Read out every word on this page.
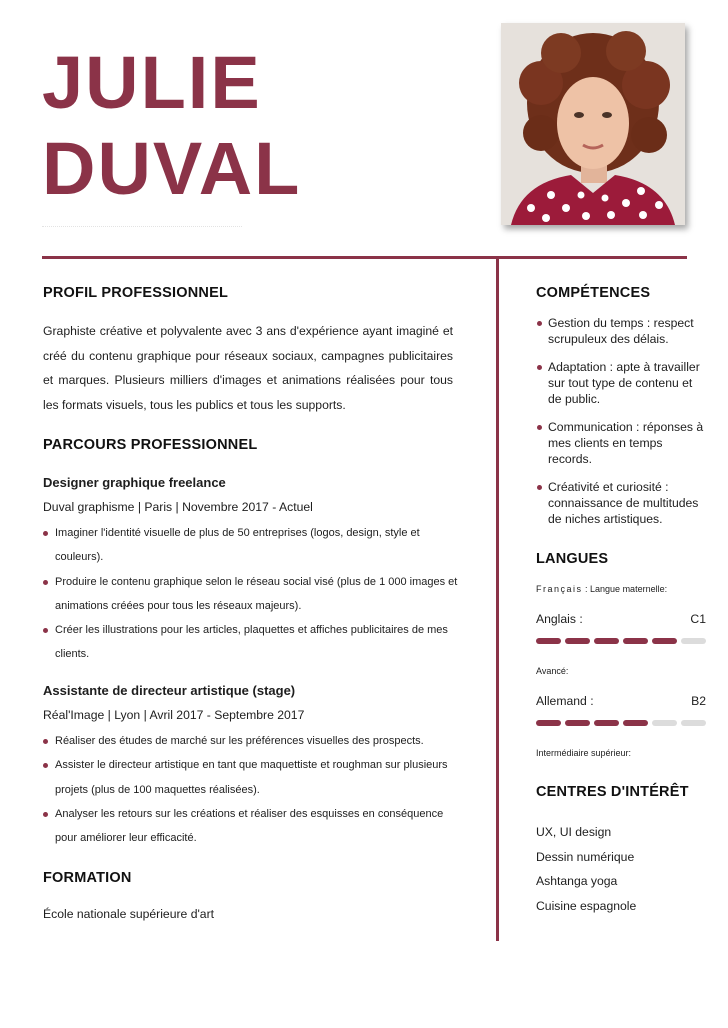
JULIE
DUVAL
PROFIL PROFESSIONNEL

Graphiste créative et polyvalente avec 3 ans d'expérience ayant imaginé et créé du contenu graphique pour réseaux sociaux, campagnes publicitaires et marques. Plusieurs milliers d'images et animations réalisées pour tous les formats visuels, tous les publics et tous les supports.

PARCOURS PROFESSIONNEL
Designer graphique freelance

Duval graphisme | Paris | Novembre 2017 - Actuel

Imaginer l'identité visuelle de plus de 50 entreprises (logos, design, style et couleurs).
Produire le contenu graphique selon le réseau social visé (plus de 1 000 images et animations créées pour tous les réseaux majeurs).
Créer les illustrations pour les articles, plaquettes et affiches publicitaires de mes clients.
Assistante de directeur artistique (stage)

Réal'Image | Lyon | Avril 2017 - Septembre 2017

Réaliser des études de marché sur les préférences visuelles des prospects.
Assister le directeur artistique en tant que maquettiste et roughman sur plusieurs projets (plus de 100 maquettes réalisées).
Analyser les retours sur les créations et réaliser des esquisses en conséquence pour améliorer leur efficacité.
FORMATION

École nationale supérieure d'art

COMPÉTENCES
Gestion du temps : respect scrupuleux des délais.
Adaptation : apte à travailler sur tout type de contenu et de public.
Communication : réponses à mes clients en temps records.
Créativité et curiosité : connaissance de multitudes de niches artistiques.
LANGUES

Français : Langue maternelle:

Anglais :	C1

Avancé:

Allemand :	B2

Intermédiaire supérieur:

CENTRES D'INTÉRÊT
UX, UI design
Dessin numérique
Ashtanga yoga
Cuisine espagnole
